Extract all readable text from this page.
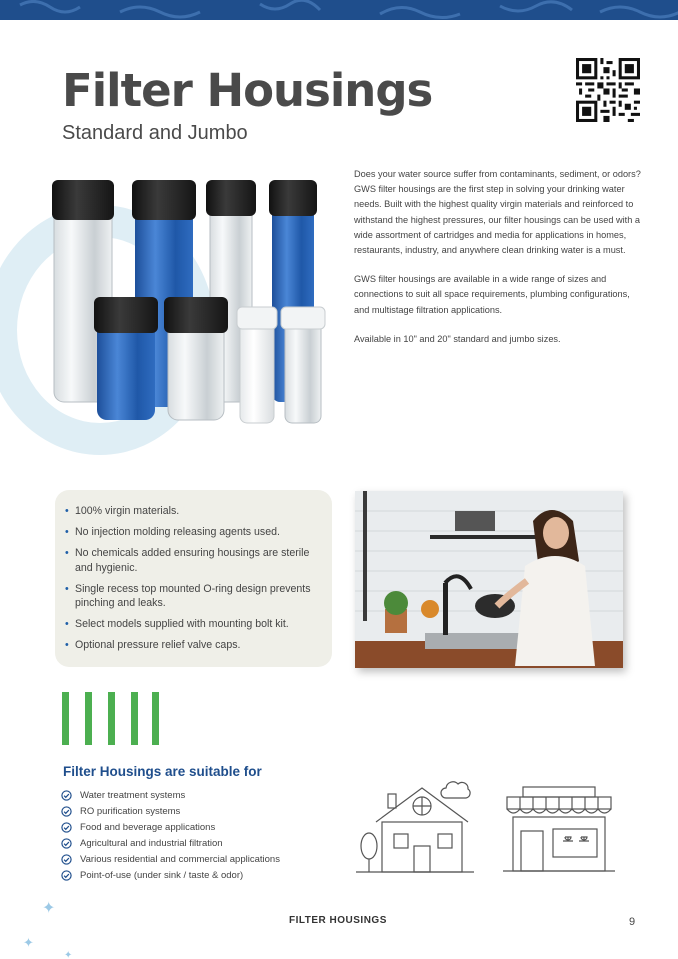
Filter Housings
Standard and Jumbo

Does your water source suffer from contaminants, sediment, or odors? GWS filter housings are the first step in solving your drinking water needs. Built with the highest quality virgin materials and reinforced to withstand the highest pressures, our filter housings can be used with a wide assortment of cartridges and media for applications in homes, restaurants, industry, and anywhere clean drinking water is a must.

GWS filter housings are available in a wide range of sizes and connections to suit all space requirements, plumbing configurations, and multistage filtration applications.

Available in 10" and 20" standard and jumbo sizes.

• 100% virgin materials.
• No injection molding releasing agents used.
• No chemicals added ensuring housings are sterile and hygienic.
• Single recess top mounted O-ring design prevents pinching and leaks.
• Select models supplied with mounting bolt kit.
• Optional pressure relief valve caps.
Filter Housings are suitable for
Water treatment systems
RO purification systems
Food and beverage applications
Agricultural and industrial filtration
Various residential and commercial applications
Point-of-use (under sink / taste & odor)
✦
✦
✦
FILTER HOUSINGS	9
